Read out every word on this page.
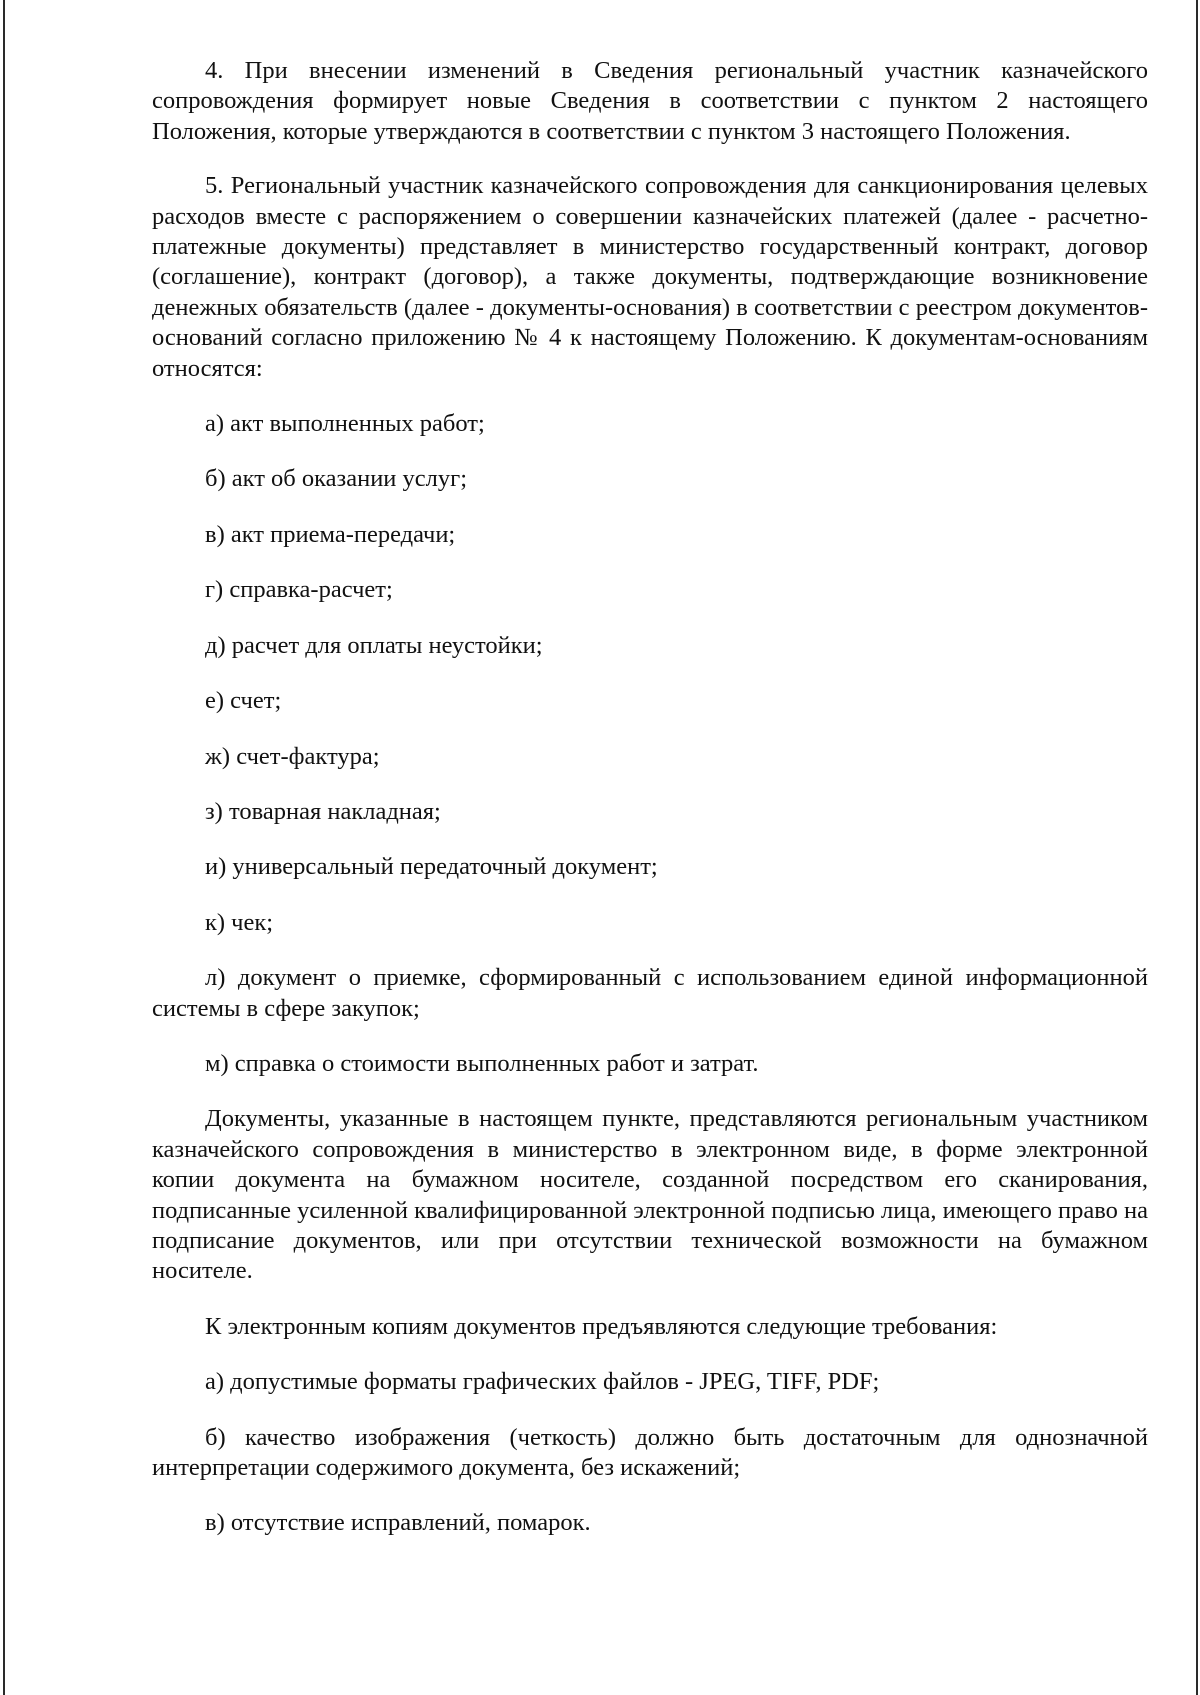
4. При внесении изменений в Сведения региональный участник казначейского сопровождения формирует новые Сведения в соответствии с пунктом 2 настоящего Положения, которые утверждаются в соответствии с пунктом 3 настоящего Положения.

5. Региональный участник казначейского сопровождения для санкционирования целевых расходов вместе с распоряжением о совершении казначейских платежей (далее - расчетно-платежные документы) представляет в министерство государственный контракт, договор (соглашение), контракт (договор), а также документы, подтверждающие возникновение денежных обязательств (далее - документы-основания) в соответствии с реестром документов-оснований согласно приложению № 4 к настоящему Положению. К документам-основаниям относятся:

а) акт выполненных работ;

б) акт об оказании услуг;

в) акт приема-передачи;

г) справка-расчет;

д) расчет для оплаты неустойки;

е) счет;

ж) счет-фактура;

з) товарная накладная;

и) универсальный передаточный документ;

к) чек;

л) документ о приемке, сформированный с использованием единой информационной системы в сфере закупок;

м) справка о стоимости выполненных работ и затрат.

Документы, указанные в настоящем пункте, представляются региональным участником казначейского сопровождения в министерство в электронном виде, в форме электронной копии документа на бумажном носителе, созданной посредством его сканирования, подписанные усиленной квалифицированной электронной подписью лица, имеющего право на подписание документов, или при отсутствии технической возможности на бумажном носителе.

К электронным копиям документов предъявляются следующие требования:

а) допустимые форматы графических файлов - JPEG, TIFF, PDF;

б) качество изображения (четкость) должно быть достаточным для однозначной интерпретации содержимого документа, без искажений;

в) отсутствие исправлений, помарок.
